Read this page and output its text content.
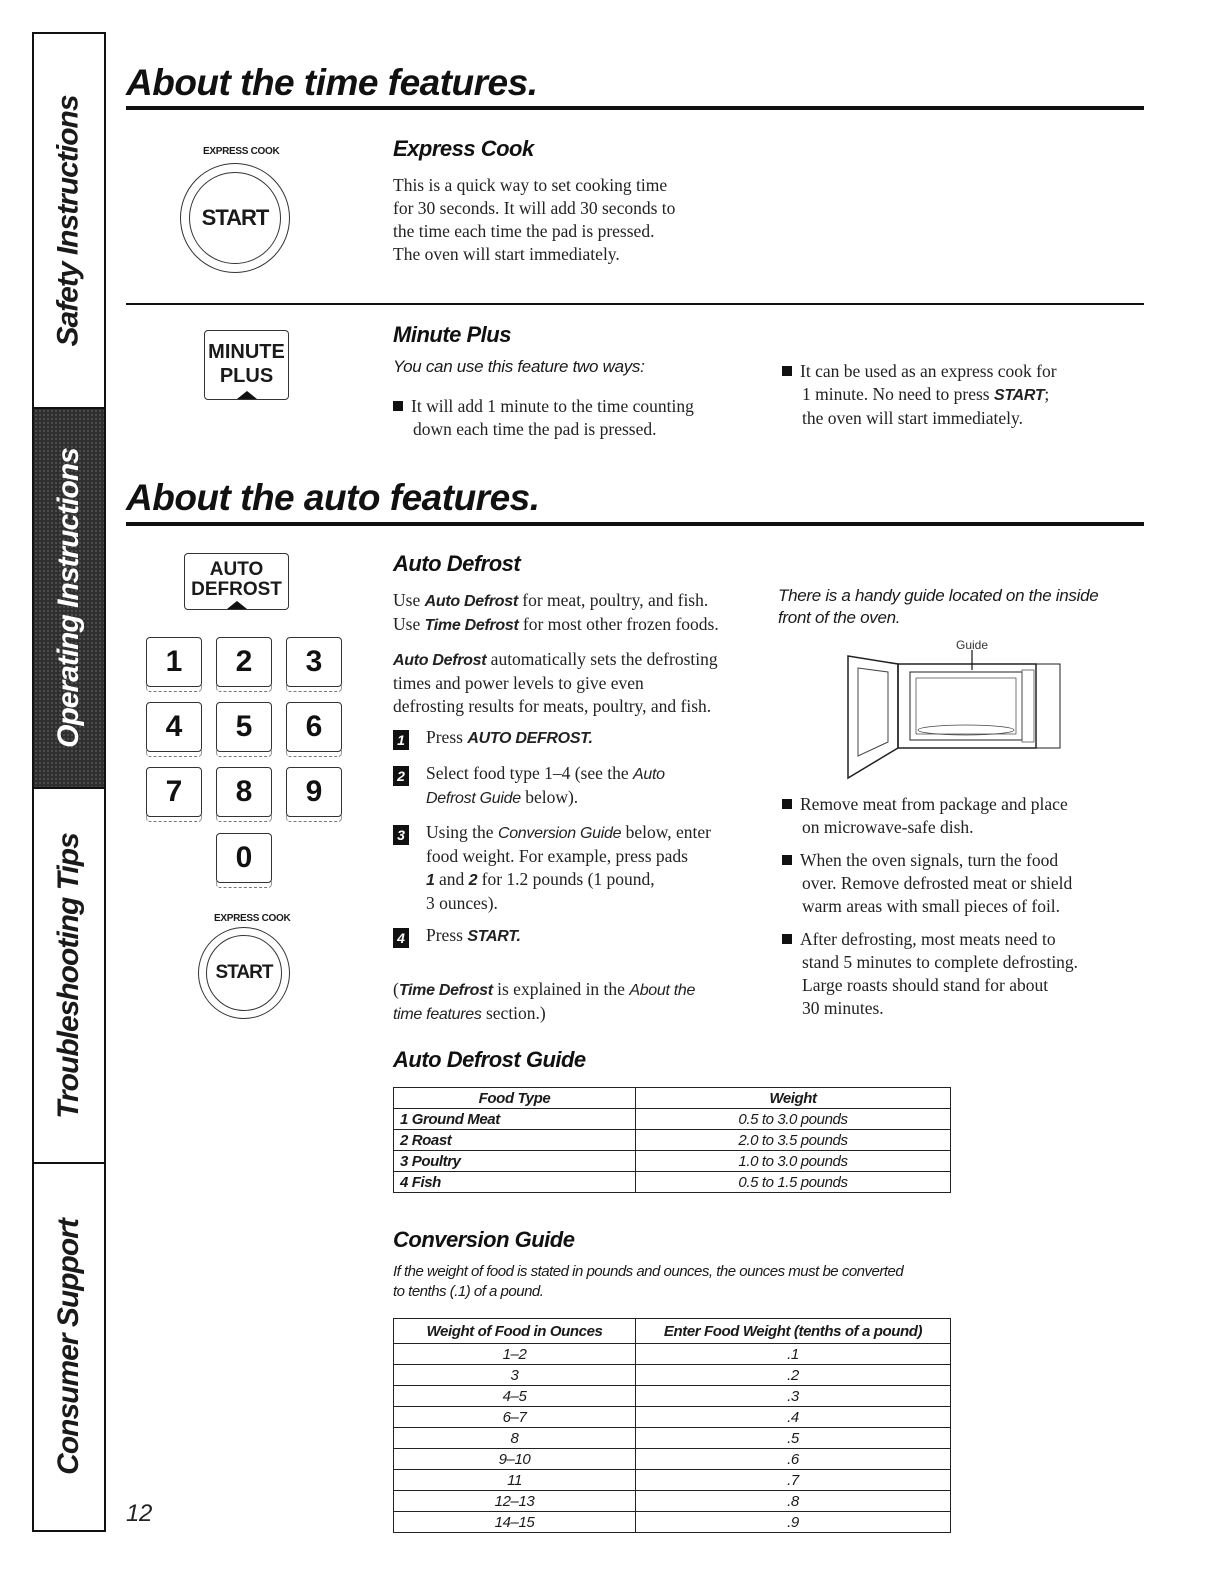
Safety Instructions
Operating Instructions
Troubleshooting Tips
Consumer Support
About the time features.
EXPRESS COOK
START
Express Cook
This is a quick way to set cooking time
for 30 seconds. It will add 30 seconds to
the time each time the pad is pressed.
The oven will start immediately.
MINUTE
PLUS
Minute Plus
You can use this feature two ways:
It will add 1 minute to the time counting
down each time the pad is pressed.
It can be used as an express cook for
1 minute. No need to press START;
the oven will start immediately.
About the auto features.
AUTO
DEFROST
1 2 3
4 5 6
7 8 9
0
EXPRESS COOK
START
Auto Defrost
Use Auto Defrost for meat, poultry, and fish.
Use Time Defrost for most other frozen foods.
Auto Defrost automatically sets the defrosting
times and power levels to give even
defrosting results for meats, poultry, and fish.
1 Press AUTO DEFROST.
2 Select food type 1–4 (see the Auto
Defrost Guide below).
3 Using the Conversion Guide below, enter
food weight. For example, press pads
1 and 2 for 1.2 pounds (1 pound,
3 ounces).
4 Press START.
(Time Defrost is explained in the About the
time features section.)
There is a handy guide located on the inside
front of the oven.
Guide
Remove meat from package and place
on microwave-safe dish.
When the oven signals, turn the food
over. Remove defrosted meat or shield
warm areas with small pieces of foil.
After defrosting, most meats need to
stand 5 minutes to complete defrosting.
Large roasts should stand for about
30 minutes.
Auto Defrost Guide
Food Type	Weight
1 Ground Meat	0.5 to 3.0 pounds
2 Roast	2.0 to 3.5 pounds
3 Poultry	1.0 to 3.0 pounds
4 Fish	0.5 to 1.5 pounds
Conversion Guide
If the weight of food is stated in pounds and ounces, the ounces must be converted
to tenths (.1) of a pound.
Weight of Food in Ounces	Enter Food Weight (tenths of a pound)
1–2	.1
3	.2
4–5	.3
6–7	.4
8	.5
9–10	.6
11	.7
12–13	.8
14–15	.9
12
